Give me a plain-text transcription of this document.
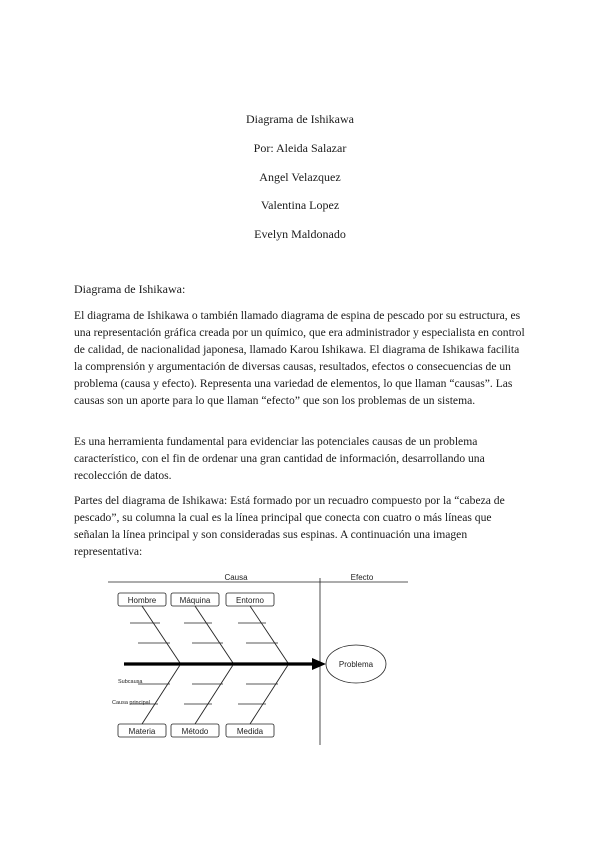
Diagrama de Ishikawa
Por: Aleida Salazar
Angel Velazquez
Valentina Lopez
Evelyn Maldonado
Diagrama de Ishikawa:

El diagrama de Ishikawa o también llamado diagrama de espina de pescado por su estructura, es una representación gráfica creada por un químico, que era administrador y especialista en control de calidad, de nacionalidad japonesa, llamado Karou Ishikawa. El diagrama de Ishikawa facilita la comprensión y argumentación de diversas causas, resultados, efectos o consecuencias de un problema (causa y efecto). Representa una variedad de elementos, lo que llaman “causas”. Las causas son un aporte para lo que llaman “efecto” que son los problemas de un sistema.

Es una herramienta fundamental para evidenciar las potenciales causas de un problema característico, con el fin de ordenar una gran cantidad de información, desarrollando una recolección de datos.

Partes del diagrama de Ishikawa: Está formado por un recuadro compuesto por la “cabeza de pescado”, su columna la cual es la línea principal que conecta con cuatro o más líneas que señalan la línea principal y son consideradas sus espinas. A continuación una imagen representativa:

Causa	Efecto
Hombre	Máquina	Entorno
Problema
Subcausa
Causa principal
Materia	Método	Medida
